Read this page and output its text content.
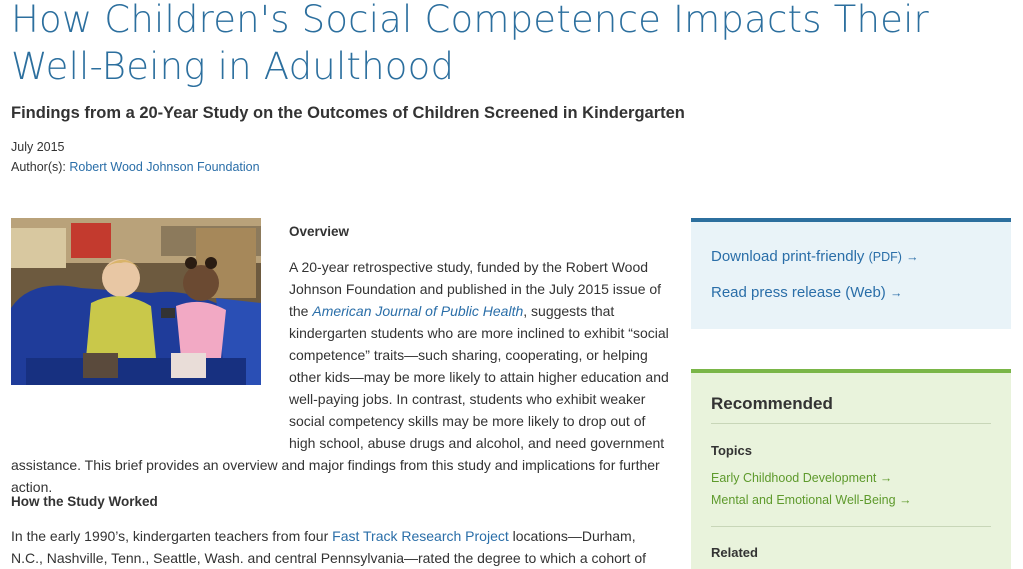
How Children's Social Competence Impacts Their Well-Being in Adulthood
Findings from a 20-Year Study on the Outcomes of Children Screened in Kindergarten
July 2015
Author(s): Robert Wood Johnson Foundation
Overview

A 20-year retrospective study, funded by the Robert Wood Johnson Foundation and published in the July 2015 issue of the American Journal of Public Health, suggests that kindergarten students who are more inclined to exhibit “social competence” traits—such sharing, cooperating, or helping other kids—may be more likely to attain higher education and well-paying jobs. In contrast, students who exhibit weaker social competency skills may be more likely to drop out of high school, abuse drugs and alcohol, and need government assistance. This brief provides an overview and major findings from this study and implications for further action.

How the Study Worked

In the early 1990’s, kindergarten teachers from four Fast Track Research Project locations—Durham, N.C., Nashville, Tenn., Seattle, Wash. and central Pennsylvania—rated the degree to which a cohort of

Download print-friendly (PDF) →
Read press release (Web) →
Recommended
Topics
Early Childhood Development →
Mental and Emotional Well-Being →
Related
